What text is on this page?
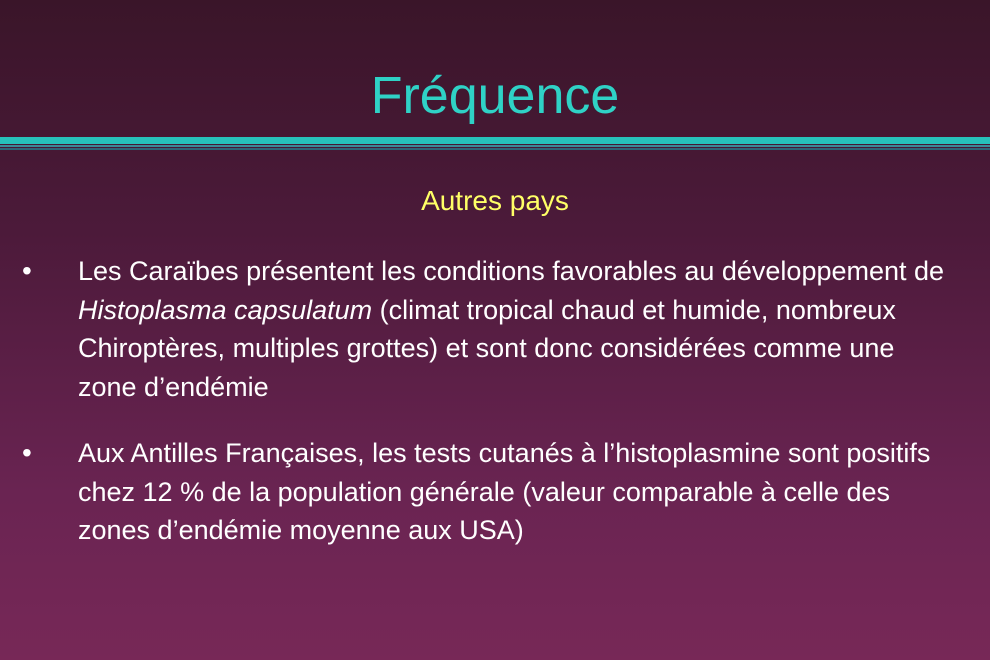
Fréquence
Autres pays
• Les Caraïbes présentent les conditions favorables au développement de Histoplasma capsulatum (climat tropical chaud et humide, nombreux Chiroptères, multiples grottes) et sont donc considérées comme une zone d’endémie
• Aux Antilles Françaises, les tests cutanés à l’histoplasmine sont positifs chez 12 % de la population générale (valeur comparable à celle des zones d’endémie moyenne aux USA)
